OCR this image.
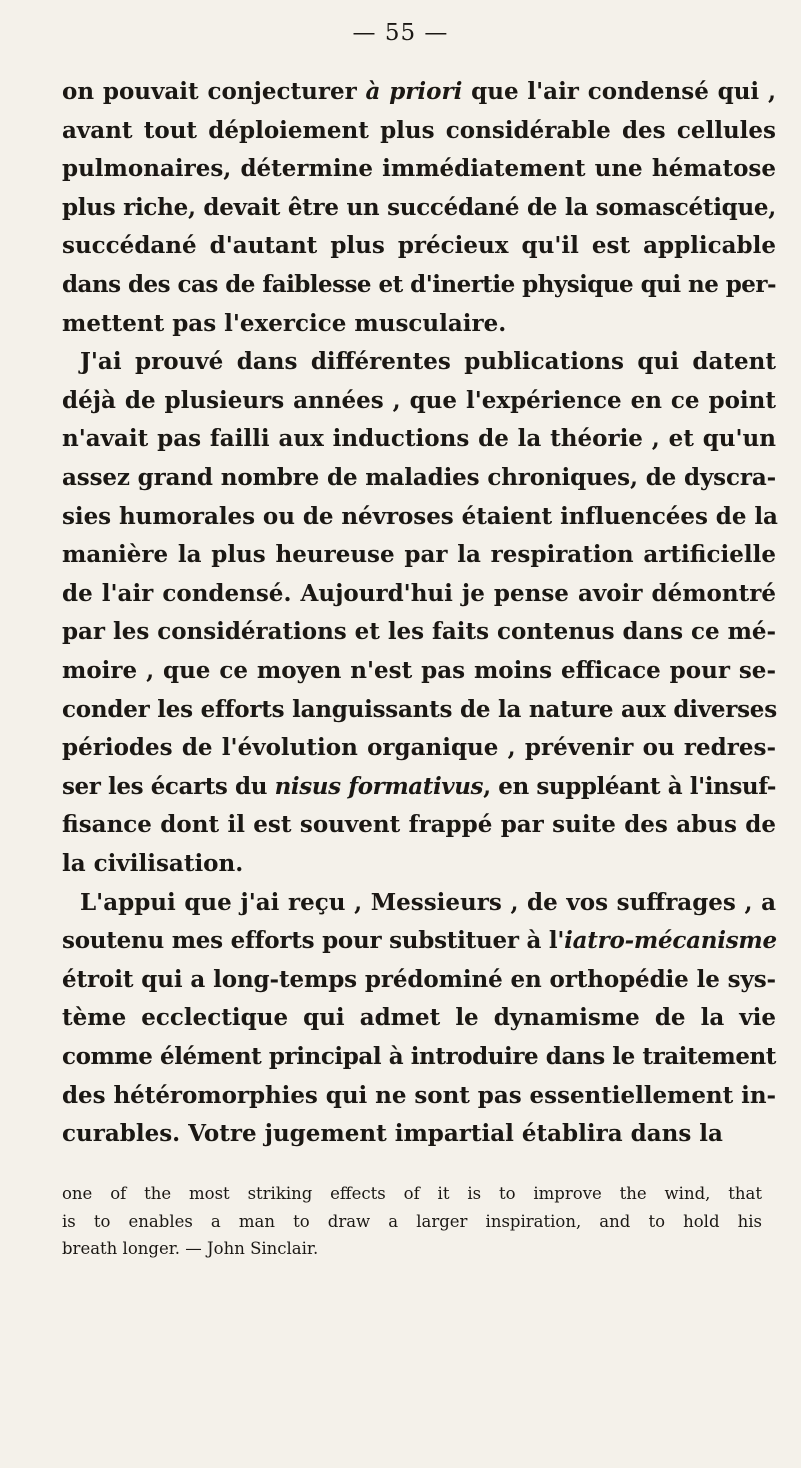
— 55 —
on pouvait conjecturer à priori que l'air condensé qui ,
avant tout déploiement plus considérable des cellules
pulmonaires, détermine immédiatement une hématose
plus riche, devait être un succédané de la somascétique,
succédané d'autant plus précieux qu'il est applicable
dans des cas de faiblesse et d'inertie physique qui ne per-
mettent pas l'exercice musculaire.
J'ai prouvé dans différentes publications qui datent
déjà de plusieurs années , que l'expérience en ce point
n'avait pas failli aux inductions de la théorie , et qu'un
assez grand nombre de maladies chroniques, de dyscra-
sies humorales ou de névroses étaient influencées de la
manière la plus heureuse par la respiration artificielle
de l'air condensé. Aujourd'hui je pense avoir démontré
par les considérations et les faits contenus dans ce mé-
moire , que ce moyen n'est pas moins efficace pour se-
conder les efforts languissants de la nature aux diverses
périodes de l'évolution organique , prévenir ou redres-
ser les écarts du nisus formativus, en suppléant à l'insuf-
fisance dont il est souvent frappé par suite des abus de
la civilisation.
L'appui que j'ai reçu , Messieurs , de vos suffrages , a
soutenu mes efforts pour substituer à l'iatro-mécanisme
étroit qui a long-temps prédominé en orthopédie le sys-
tème ecclectique qui admet le dynamisme de la vie
comme élément principal à introduire dans le traitement
des hétéromorphies qui ne sont pas essentiellement in-
curables. Votre jugement impartial établira dans la
one of the most striking effects of it is to improve the wind, that
is to enables a man to draw a larger inspiration, and to hold his
breath longer. — John Sinclair.
